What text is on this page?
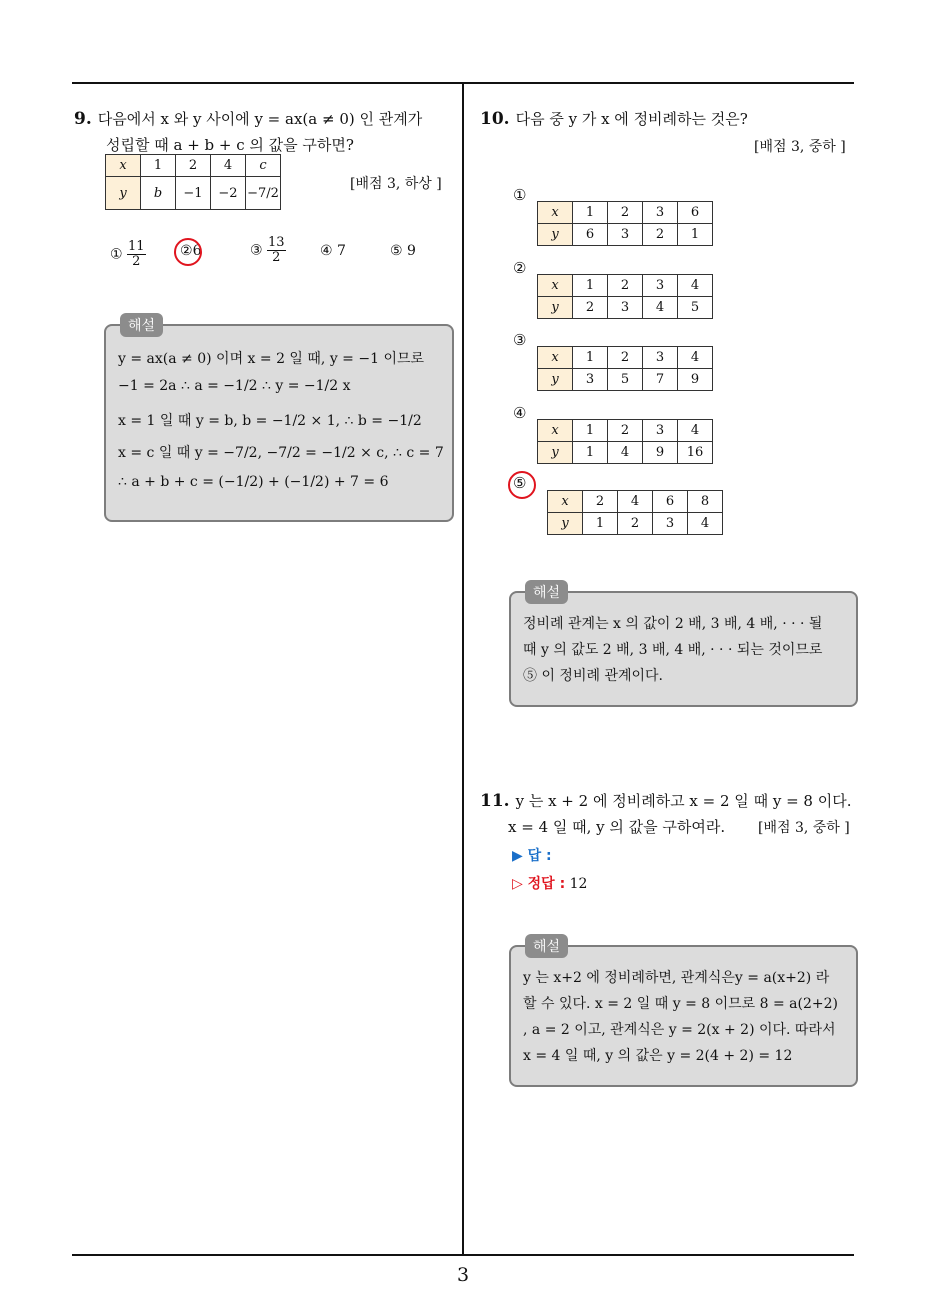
9. 다음에서 x 와 y 사이에 y = ax(a ≠ 0) 인 관계가
성립할 때 a + b + c 의 값을 구하면?
x	1	2	4	c
y	b	−1	−2	−7/2
[배점 3, 하상 ]
① $\frac{11}{2}$ ②6	③ $\frac{13}{2}$ ④ 7	⑤ 9
해설
y = ax(a ≠ 0) 이며 x = 2 일 때, y = −1 이므로
−1 = 2a ∴ a = −1/2 ∴ y = −1/2 x
x = 1 일 때 y = b, b = −1/2 × 1, ∴ b = −1/2
x = c 일 때 y = −7/2, −7/2 = −1/2 × c, ∴ c = 7
∴ a + b + c = (−1/2) + (−1/2) + 7 = 6
10. 다음 중 y 가 x 에 정비례하는 것은?
[배점 3, 중하 ]
①
x	1	2	3	6
y	6	3	2	1
②
x	1	2	3	4
y	2	3	4	5
③
x	1	2	3	4
y	3	5	7	9
④
x	1	2	3	4
y	1	4	9	16
⑤
x	2	4	6	8
y	1	2	3	4
해설
정비례 관계는 x 의 값이 2 배, 3 배, 4 배, · · · 될
때 y 의 값도 2 배, 3 배, 4 배, · · · 되는 것이므로
⑤ 이 정비례 관계이다.
11. y 는 x + 2 에 정비례하고 x = 2 일 때 y = 8 이다.
x = 4 일 때, y 의 값을 구하여라.	[배점 3, 중하 ]
▶ 답 :
▷ 정답 : 12
해설
y 는 x+2 에 정비례하면, 관계식은y = a(x+2) 라
할 수 있다. x = 2 일 때 y = 8 이므로 8 = a(2+2)
, a = 2 이고, 관계식은 y = 2(x + 2) 이다. 따라서
x = 4 일 때, y 의 값은 y = 2(4 + 2) = 12
3
